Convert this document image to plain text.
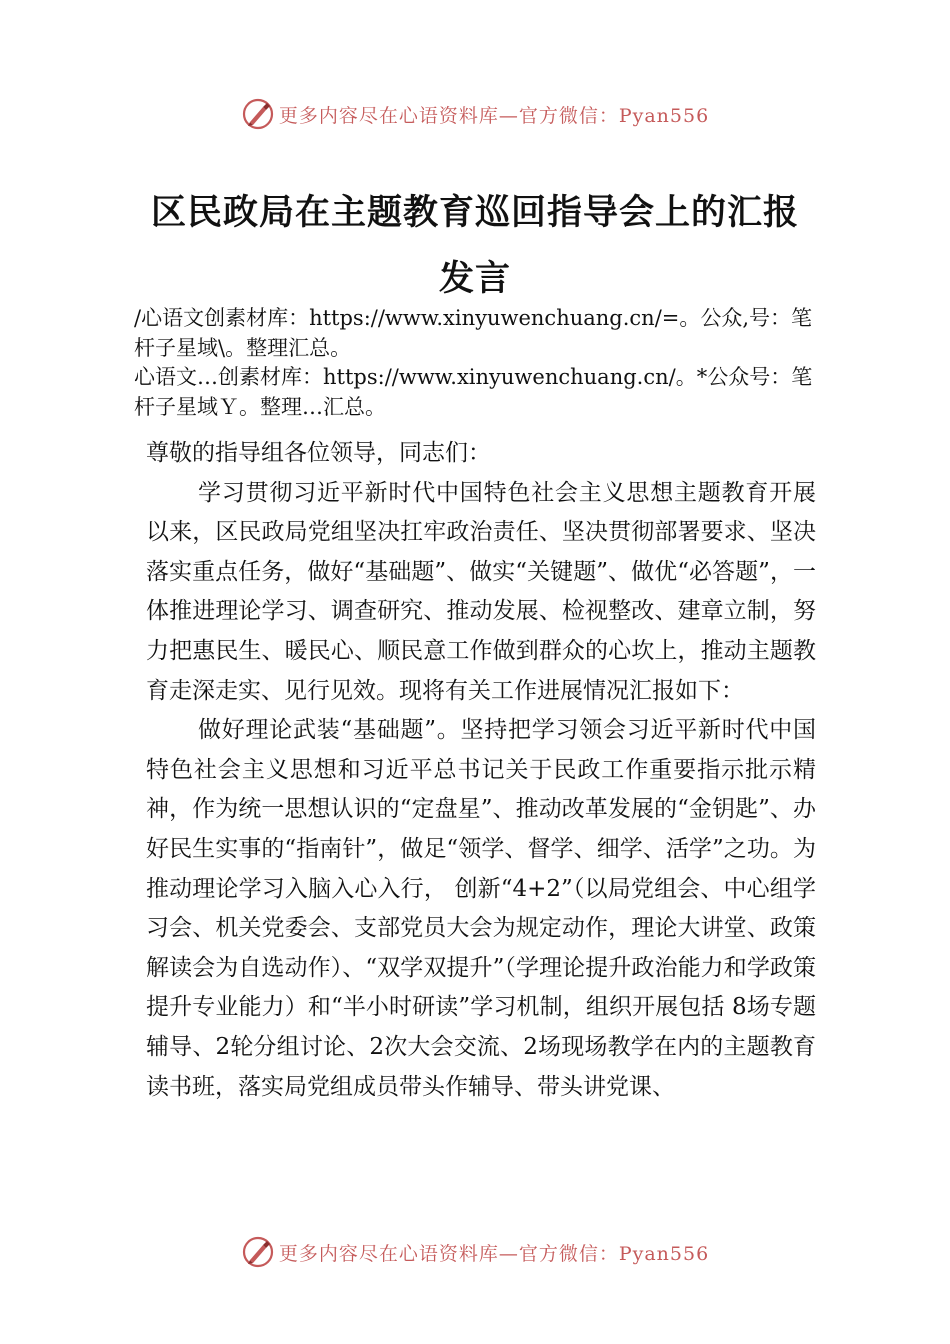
更多内容尽在心语资料库—官方微信：Pyan556
区民政局在主题教育巡回指导会上的汇报发言

/心语文创素材库：https://www.xinyuwenchuang.cn/=。公众,号：笔杆子星域\。整理汇总。

心语文…创素材库：https://www.xinyuwenchuang.cn/。*公众号：笔杆子星域Ｙ。整理…汇总。

尊敬的指导组各位领导，同志们：

学习贯彻习近平新时代中国特色社会主义思想主题教育开展以来，区民政局党组坚决扛牢政治责任、坚决贯彻部署要求、坚决落实重点任务，做好“基础题”、做实“关键题”、做优“必答题”，一体推进理论学习、调查研究、推动发展、检视整改、建章立制，努力把惠民生、暖民心、顺民意工作做到群众的心坎上，推动主题教育走深走实、见行见效。现将有关工作进展情况汇报如下：

做好理论武装“基础题”。坚持把学习领会习近平新时代中国特色社会主义思想和习近平总书记关于民政工作重要指示批示精神，作为统一思想认识的“定盘星”、推动改革发展的“金钥匙”、办好民生实事的“指南针”，做足“领学、督学、细学、活学”之功。为推动理论学习入脑入心入行， 创新“4+2”（以局党组会、中心组学习会、机关党委会、支部党员大会为规定动作，理论大讲堂、政策解读会为自选动作）、“双学双提升”（学理论提升政治能力和学政策提升专业能力）和“半小时研读”学习机制，组织开展包括 8场专题辅导、2轮分组讨论、2次大会交流、2场现场教学在内的主题教育读书班，落实局党组成员带头作辅导、带头讲党课、

更多内容尽在心语资料库—官方微信：Pyan556
